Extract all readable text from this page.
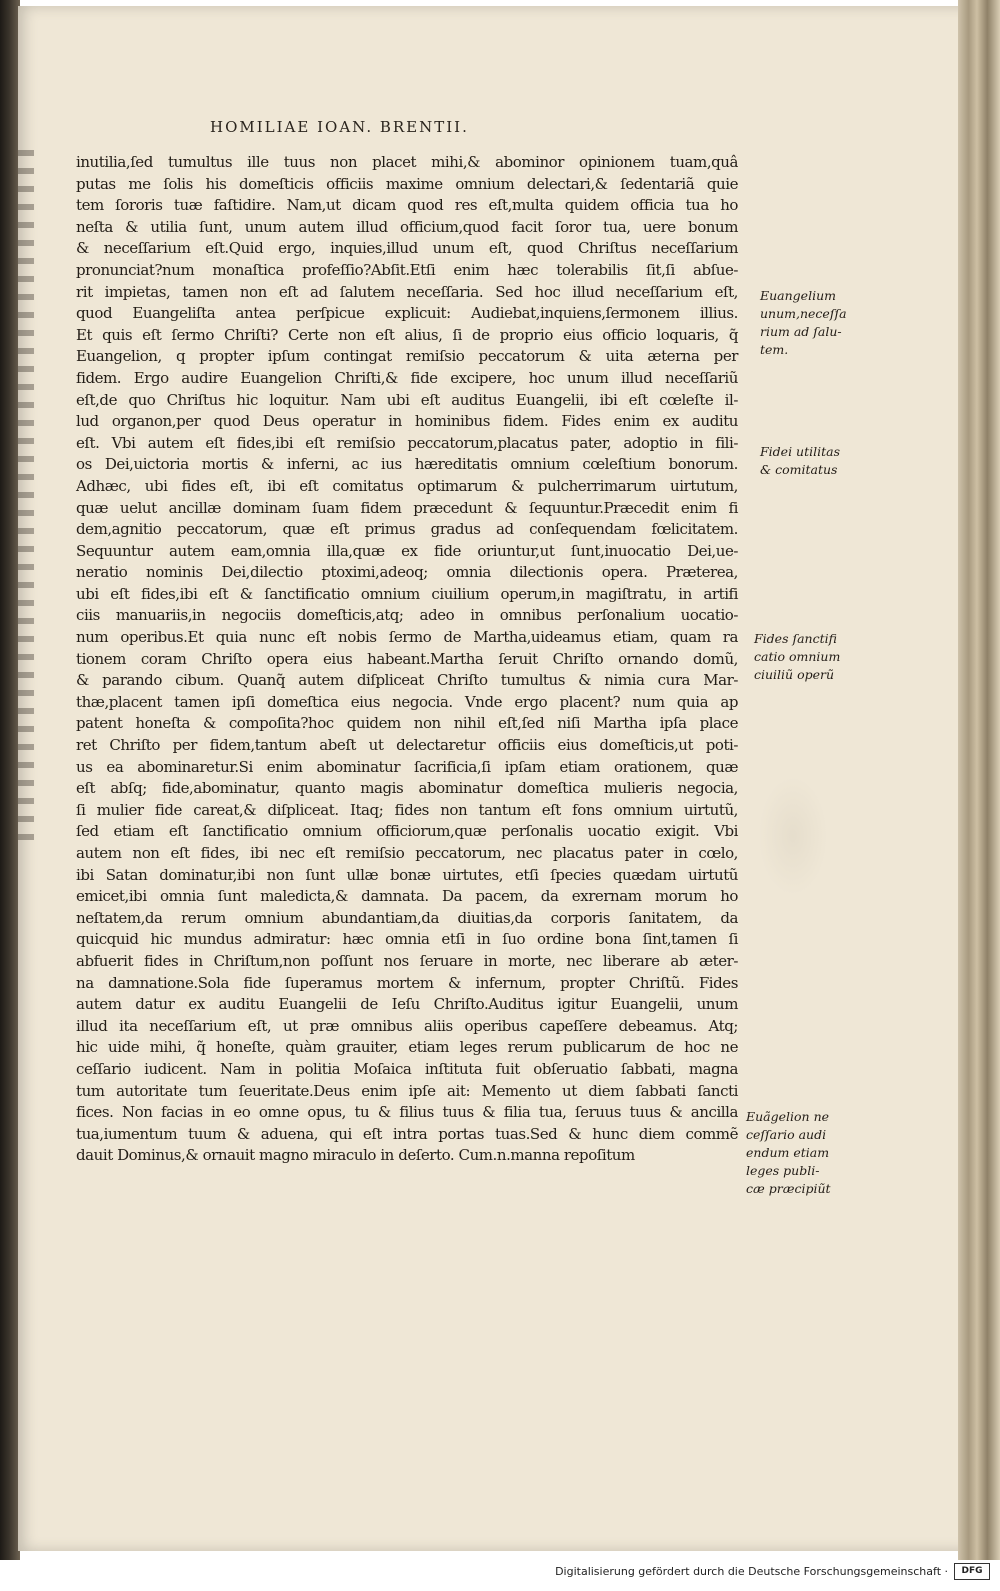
HOMILIAE IOAN. BRENTII.
inutilia,ſed tumultus ille tuus non placet mihi,& abominor opinionem tuam,quâ
putas me ſolis his domeſticis officiis maxime omnium delectari,& ſedentariã quie
tem ſororis tuæ faſtidire. Nam,ut dicam quod res eſt,multa quidem officia tua ho
neſta & utilia ſunt, unum autem illud officium,quod facit ſoror tua, uere bonum
& neceſſarium eſt.Quid ergo, inquies,illud unum eſt, quod Chriſtus neceſſarium
pronunciat?num monaſtica profeſſio?Abſit.Etſi enim hæc tolerabilis ſit,ſi abſue-
rit impietas, tamen non eſt ad ſalutem neceſſaria. Sed hoc illud neceſſarium eſt,
quod Euangeliſta antea perſpicue explicuit: Audiebat,inquiens,ſermonem illius.
Et quis eſt ſermo Chriſti? Certe non eſt alius, ſi de proprio eius officio loquaris, q̃
Euangelion, q propter ipſum contingat remiſsio peccatorum & uita æterna per
fidem. Ergo audire Euangelion Chriſti,& fide excipere, hoc unum illud neceſſariũ
eſt,de quo Chriſtus hic loquitur. Nam ubi eſt auditus Euangelii, ibi eſt cœleſte il-
lud organon,per quod Deus operatur in hominibus fidem. Fides enim ex auditu
eſt. Vbi autem eſt fides,ibi eſt remiſsio peccatorum,placatus pater, adoptio in fili-
os Dei,uictoria mortis & inferni, ac ius hæreditatis omnium cœleſtium bonorum.
Adhæc, ubi fides eſt, ibi eſt comitatus optimarum & pulcherrimarum uirtutum,
quæ uelut ancillæ dominam ſuam fidem præcedunt & ſequuntur.Præcedit enim fi
dem,agnitio peccatorum, quæ eſt primus gradus ad conſequendam fœlicitatem.
Sequuntur autem eam,omnia illa,quæ ex fide oriuntur,ut ſunt,inuocatio Dei,ue-
neratio nominis Dei,dilectio ptoximi,adeoq; omnia dilectionis opera. Præterea,
ubi eſt fides,ibi eſt & ſanctificatio omnium ciuilium operum,in magiſtratu, in artifi
ciis manuariis,in negociis domeſticis,atq; adeo in omnibus perſonalium uocatio-
num operibus.Et quia nunc eſt nobis ſermo de Martha,uideamus etiam, quam ra
tionem coram Chriſto opera eius habeant.Martha ſeruit Chriſto ornando domũ,
& parando cibum. Quanq̃ autem diſpliceat Chriſto tumultus & nimia cura Mar-
thæ,placent tamen ipſi domeſtica eius negocia. Vnde ergo placent? num quia ap
patent honeſta & compoſita?hoc quidem non nihil eſt,ſed niſi Martha ipſa place
ret Chriſto per fidem,tantum abeſt ut delectaretur officiis eius domeſticis,ut poti-
us ea abominaretur.Si enim abominatur ſacrificia,ſi ipſam etiam orationem, quæ
eſt abſq; fide,abominatur, quanto magis abominatur domeſtica mulieris negocia,
ſi mulier fide careat,& diſpliceat. Itaq; fides non tantum eſt fons omnium uirtutũ,
ſed etiam eſt ſanctificatio omnium officiorum,quæ perſonalis uocatio exigit. Vbi
autem non eſt fides, ibi nec eſt remiſsio peccatorum, nec placatus pater in cœlo,
ibi Satan dominatur,ibi non ſunt ullæ bonæ uirtutes, etſi ſpecies quædam uirtutũ
emicet,ibi omnia ſunt maledicta,& damnata. Da pacem, da exrernam morum ho
neſtatem,da rerum omnium abundantiam,da diuitias,da corporis ſanitatem, da
quicquid hic mundus admiratur: hæc omnia etſi in ſuo ordine bona ſint,tamen ſi
abfuerit fides in Chriſtum,non poſſunt nos ſeruare in morte, nec liberare ab æter-
na damnatione.Sola fide ſuperamus mortem & infernum, propter Chriſtũ. Fides
autem datur ex auditu Euangelii de Ieſu Chriſto.Auditus igitur Euangelii, unum
illud ita neceſſarium eſt, ut præ omnibus aliis operibus capeſſere debeamus. Atq;
hic uide mihi, q̃ honeſte, quàm grauiter, etiam leges rerum publicarum de hoc ne
ceſſario iudicent. Nam in politia Moſaica inſtituta fuit obſeruatio ſabbati, magna
tum autoritate tum ſeueritate.Deus enim ipſe ait: Memento ut diem ſabbati ſancti
fices. Non facias in eo omne opus, tu & filius tuus & filia tua, ſeruus tuus & ancilla
tua,iumentum tuum & aduena, qui eſt intra portas tuas.Sed & hunc diem commẽ
dauit Dominus,& ornauit magno miraculo in deſerto. Cum.n.manna repoſitum
Euangelium
unum,neceſſa
rium ad ſalu-
tem.
Fidei utilitas
& comitatus
Fides ſanctifi
catio omnium
ciuiliũ operũ
Euãgelion ne
ceſſario audi
endum etiam
leges publi-
cæ præcipiũt
Digitalisierung gefördert durch die Deutsche Forschungsgemeinschaft ·	DFG
